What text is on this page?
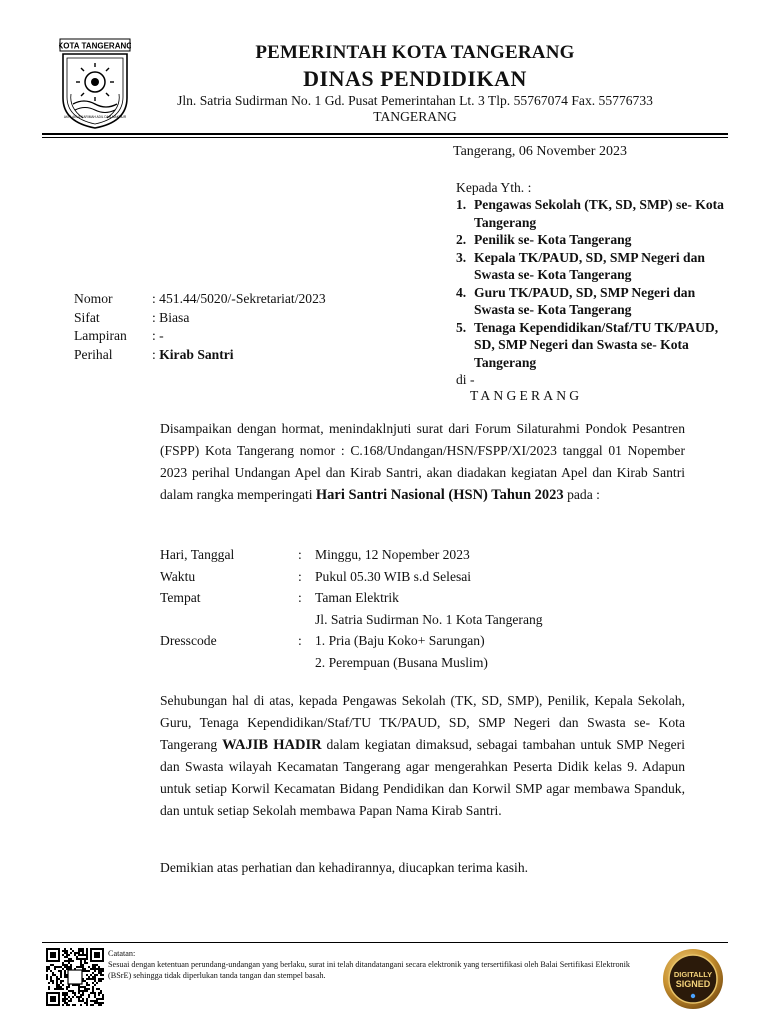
KOTA TANGERANG
AKHLAKUL KARIMAH ADIL DAN MAKMUR
PEMERINTAH KOTA TANGERANG
DINAS PENDIDIKAN
Jln. Satria Sudirman No. 1 Gd. Pusat Pemerintahan Lt. 3 Tlp. 55767074 Fax. 55776733
TANGERANG
Tangerang, 06 November 2023
Kepada Yth. :
1. Pengawas Sekolah (TK, SD, SMP) se- Kota Tangerang
2. Penilik se- Kota Tangerang
3. Kepala TK/PAUD, SD, SMP Negeri dan Swasta se- Kota Tangerang
4. Guru TK/PAUD, SD, SMP Negeri dan Swasta se- Kota Tangerang
5. Tenaga Kependidikan/Staf/TU TK/PAUD, SD, SMP Negeri dan Swasta se- Kota Tangerang
di -
TANGERANG
Nomor	: 451.44/5020/-Sekretariat/2023
Sifat	: Biasa
Lampiran	: -
Perihal	: Kirab Santri
Disampaikan dengan hormat, menindaklnjuti surat dari Forum Silaturahmi Pondok Pesantren (FSPP) Kota Tangerang nomor : C.168/Undangan/HSN/FSPP/XI/2023 tanggal 01 Nopember 2023 perihal Undangan Apel dan Kirab Santri, akan diadakan kegiatan Apel dan Kirab Santri dalam rangka memperingati Hari Santri Nasional (HSN) Tahun 2023 pada :
Hari, Tanggal	: Minggu, 12 Nopember 2023
Waktu	: Pukul 05.30 WIB s.d Selesai
Tempat	: Taman Elektrik
Jl. Satria Sudirman No. 1 Kota Tangerang
Dresscode	: 1. Pria (Baju Koko+ Sarungan)
2. Perempuan (Busana Muslim)
Sehubungan hal di atas, kepada Pengawas Sekolah (TK, SD, SMP), Penilik, Kepala Sekolah, Guru, Tenaga Kependidikan/Staf/TU TK/PAUD, SD, SMP Negeri dan Swasta se- Kota Tangerang WAJIB HADIR dalam kegiatan dimaksud, sebagai tambahan untuk SMP Negeri dan Swasta wilayah Kecamatan Tangerang agar mengerahkan Peserta Didik kelas 9. Adapun untuk setiap Korwil Kecamatan Bidang Pendidikan dan Korwil SMP agar membawa Spanduk, dan untuk setiap Sekolah membawa Papan Nama Kirab Santri.
Demikian atas perhatian dan kehadirannya, diucapkan terima kasih.
Catatan:
Sesuai dengan ketentuan perundang-undangan yang berlaku, surat ini telah ditandatangani secara elektronik yang tersertifikasi oleh Balai Sertifikasi Elektronik (BSrE) sehingga tidak diperlukan tanda tangan dan stempel basah.	DIGITALLY
SIGNED
